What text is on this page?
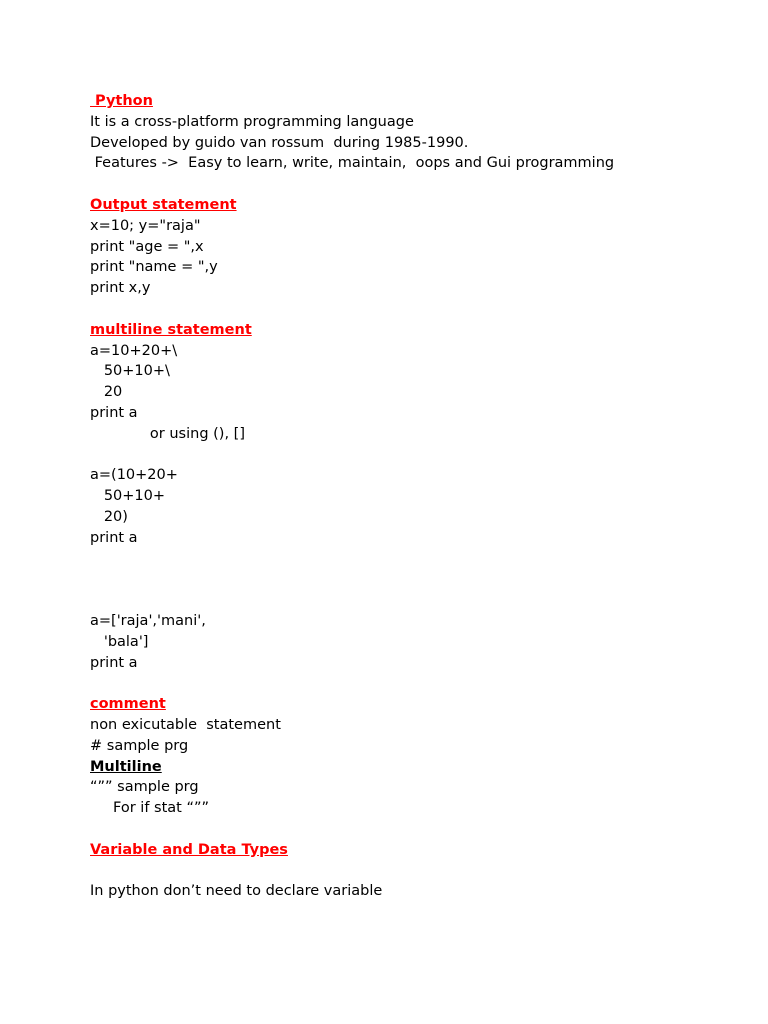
Python
It is a cross-platform programming language
Developed by guido van rossum  during 1985-1990.
Features ->  Easy to learn, write, maintain,  oops and Gui programming
Output statement
x=10; y="raja"
print "age = ",x
print "name = ",y
print x,y
multiline statement
a=10+20+\
50+10+\
20
print a
or using (), []
a=(10+20+
50+10+
20)
print a
a=['raja','mani',
'bala']
print a
comment
non exicutable  statement
# sample prg
Multiline
“”” sample prg
For if stat “””
Variable and Data Types
In python don’t need to declare variable
